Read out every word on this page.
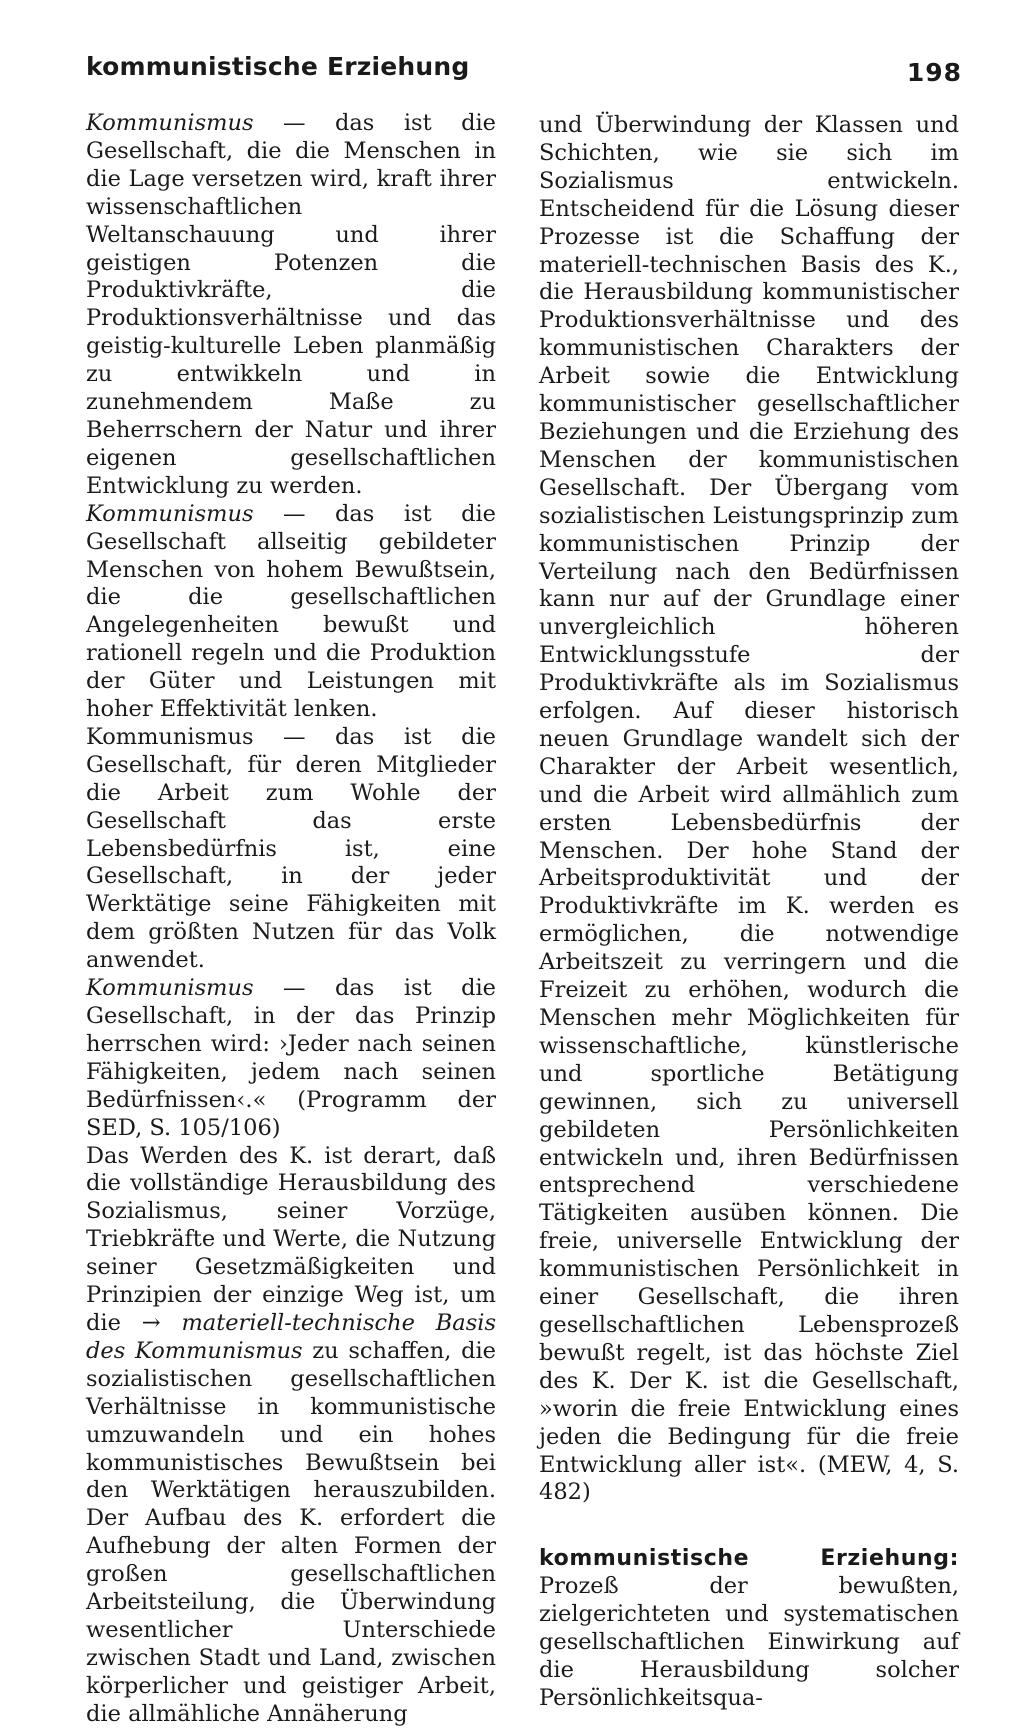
kommunistische Erziehung	198

Kommunismus — das ist die Gesellschaft, die die Menschen in die Lage versetzen wird, kraft ihrer wissenschaftlichen Weltanschauung und ihrer geistigen Potenzen die Produktivkräfte, die Produktionsverhältnisse und das geistig-kulturelle Leben planmäßig zu entwikkeln und in zunehmendem Maße zu Beherrschern der Natur und ihrer eigenen gesellschaftlichen Entwicklung zu werden.

Kommunismus — das ist die Gesellschaft allseitig gebildeter Menschen von hohem Bewußtsein, die die gesellschaftlichen Angelegenheiten bewußt und rationell regeln und die Produktion der Güter und Leistungen mit hoher Effektivität lenken.

Kommunismus — das ist die Gesellschaft, für deren Mitglieder die Arbeit zum Wohle der Gesellschaft das erste Lebensbedürfnis ist, eine Gesellschaft, in der jeder Werktätige seine Fähigkeiten mit dem größten Nutzen für das Volk anwendet.

Kommunismus — das ist die Gesellschaft, in der das Prinzip herrschen wird: ›Jeder nach seinen Fähigkeiten, jedem nach seinen Bedürfnissen‹.« (Programm der SED, S. 105/106)

Das Werden des K. ist derart, daß die vollständige Herausbildung des Sozialismus, seiner Vorzüge, Triebkräfte und Werte, die Nutzung seiner Gesetzmäßigkeiten und Prinzipien der einzige Weg ist, um die → materiell-technische Basis des Kommunismus zu schaffen, die sozialistischen gesellschaftlichen Verhältnisse in kommunistische umzuwandeln und ein hohes kommunistisches Bewußtsein bei den Werktätigen herauszubilden. Der Aufbau des K. erfordert die Aufhebung der alten Formen der großen gesellschaftlichen Arbeitsteilung, die Überwindung wesentlicher Unterschiede zwischen Stadt und Land, zwischen körperlicher und geistiger Arbeit, die allmähliche Annäherung

und Überwindung der Klassen und Schichten, wie sie sich im Sozialismus entwickeln. Entscheidend für die Lösung dieser Prozesse ist die Schaffung der materiell-technischen Basis des K., die Herausbildung kommunistischer Produktionsverhältnisse und des kommunistischen Charakters der Arbeit sowie die Entwicklung kommunistischer gesellschaftlicher Beziehungen und die Erziehung des Menschen der kommunistischen Gesellschaft. Der Übergang vom sozialistischen Leistungsprinzip zum kommunistischen Prinzip der Verteilung nach den Bedürfnissen kann nur auf der Grundlage einer unvergleichlich höheren Entwicklungsstufe der Produktivkräfte als im Sozialismus erfolgen. Auf dieser historisch neuen Grundlage wandelt sich der Charakter der Arbeit wesentlich, und die Arbeit wird allmählich zum ersten Lebensbedürfnis der Menschen. Der hohe Stand der Arbeitsproduktivität und der Produktivkräfte im K. werden es ermöglichen, die notwendige Arbeitszeit zu verringern und die Freizeit zu erhöhen, wodurch die Menschen mehr Möglichkeiten für wissenschaftliche, künstlerische und sportliche Betätigung gewinnen, sich zu universell gebildeten Persönlichkeiten entwickeln und, ihren Bedürfnissen entsprechend verschiedene Tätigkeiten ausüben können. Die freie, universelle Entwicklung der kommunistischen Persönlichkeit in einer Gesellschaft, die ihren gesellschaftlichen Lebensprozeß bewußt regelt, ist das höchste Ziel des K. Der K. ist die Gesellschaft, »worin die freie Entwicklung eines jeden die Bedingung für die freie Entwicklung aller ist«. (MEW, 4, S. 482)

kommunistische Erziehung: Prozeß der bewußten, zielgerichteten und systematischen gesellschaftlichen Einwirkung auf die Herausbildung solcher Persönlichkeitsqua-
